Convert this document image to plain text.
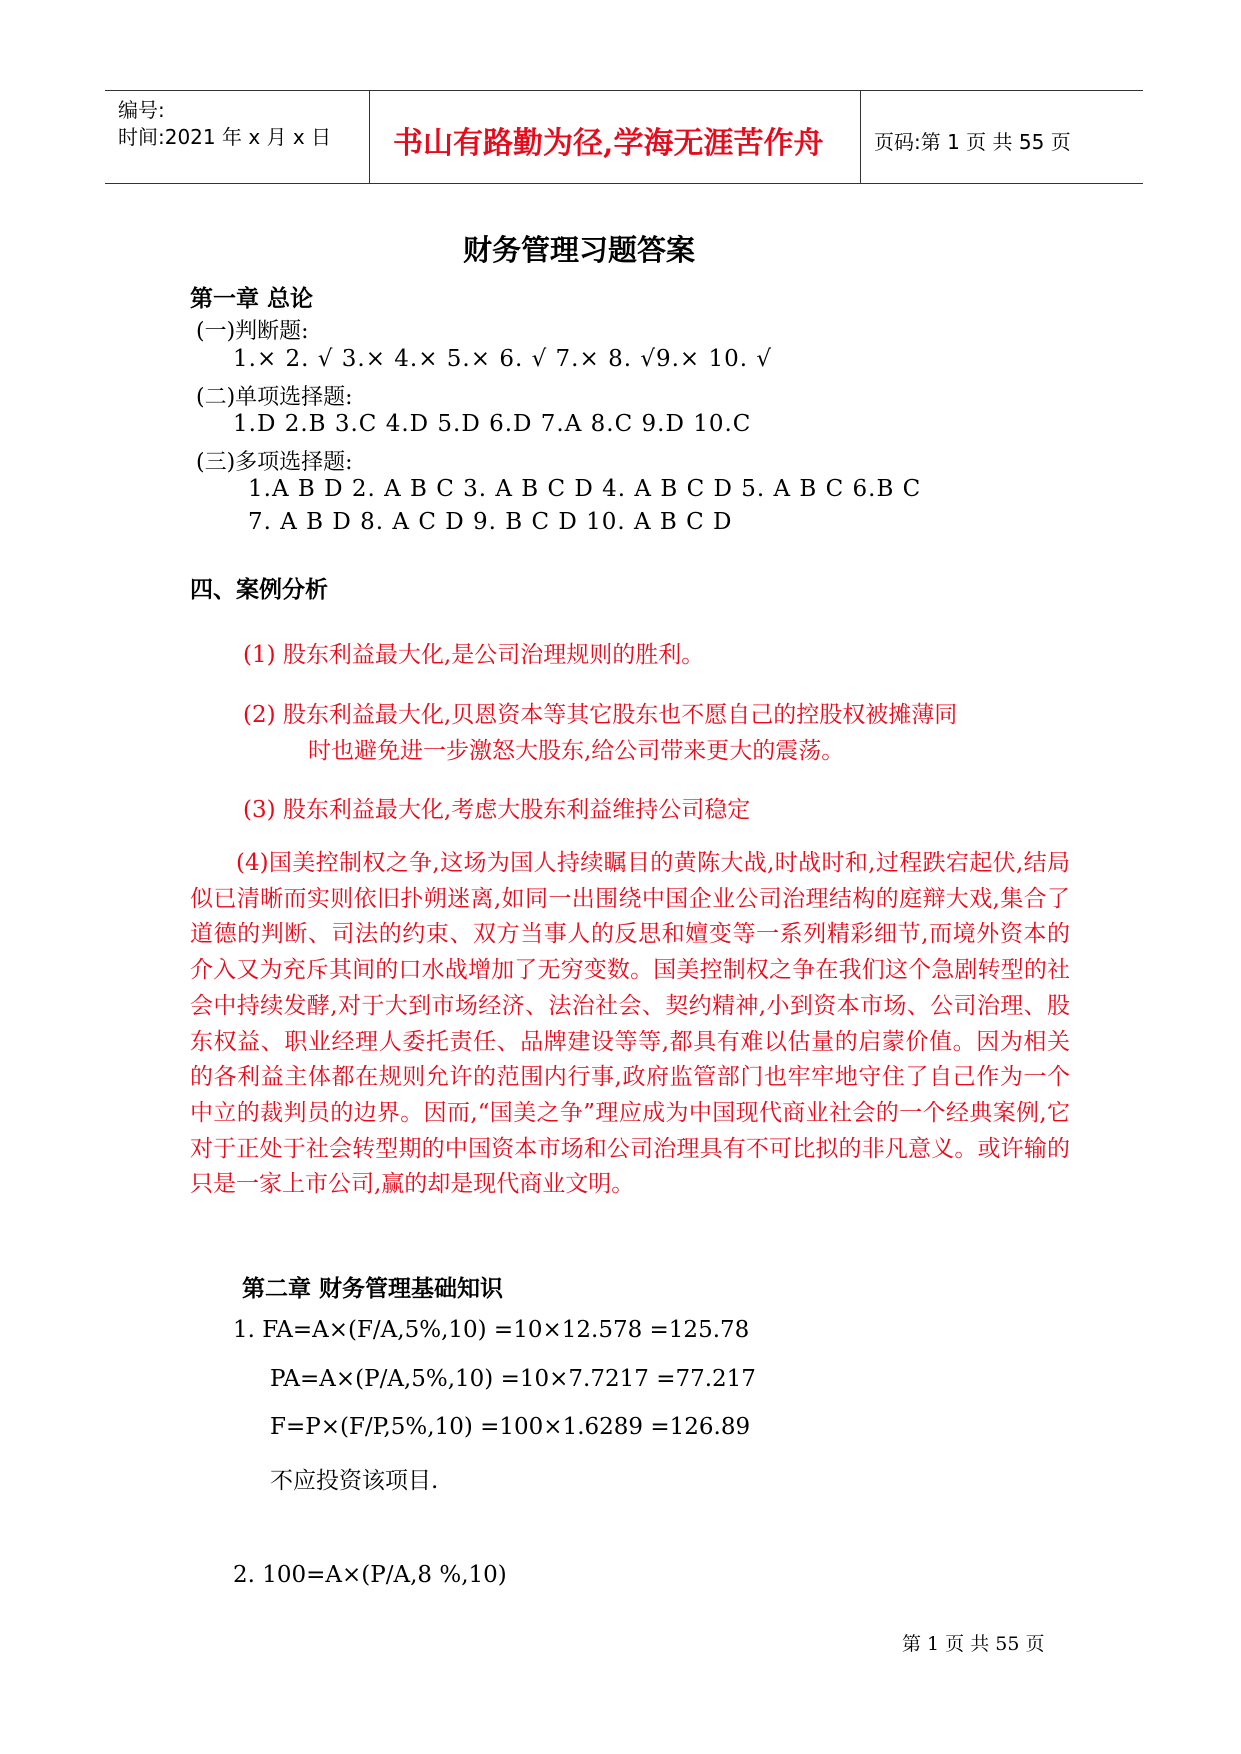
编号:
时间:2021 年 x 月 x 日 书山有路勤为径,学海无涯苦作舟	页码:第 1 页 共 55 页
财务管理习题答案
第一章 总论
(一)判断题:
1.× 2. √ 3.× 4.× 5.× 6. √ 7.× 8. √9.× 10. √
(二)单项选择题:
1.D 2.B 3.C 4.D 5.D 6.D 7.A 8.C 9.D 10.C
(三)多项选择题:
1.A B D 2. A B C 3. A B C D 4. A B C D 5. A B C 6.B C
7. A B D 8. A C D 9. B C D 10. A B C D
四、案例分析
(1) 股东利益最大化,是公司治理规则的胜利。
(2) 股东利益最大化,贝恩资本等其它股东也不愿自己的控股权被摊薄同
时也避免进一步激怒大股东,给公司带来更大的震荡。
(3) 股东利益最大化,考虑大股东利益维持公司稳定
(4)国美控制权之争,这场为国人持续瞩目的黄陈大战,时战时和,过程跌宕起伏,结局似已清晰而实则依旧扑朔迷离,如同一出围绕中国企业公司治理结构的庭辩大戏,集合了道德的判断、司法的约束、双方当事人的反思和嬗变等一系列精彩细节,而境外资本的介入又为充斥其间的口水战增加了无穷变数。国美控制权之争在我们这个急剧转型的社会中持续发酵,对于大到市场经济、法治社会、契约精神,小到资本市场、公司治理、股东权益、职业经理人委托责任、品牌建设等等,都具有难以估量的启蒙价值。因为相关的各利益主体都在规则允许的范围内行事,政府监管部门也牢牢地守住了自己作为一个中立的裁判员的边界。因而,“国美之争”理应成为中国现代商业社会的一个经典案例,它对于正处于社会转型期的中国资本市场和公司治理具有不可比拟的非凡意义。或许输的只是一家上市公司,赢的却是现代商业文明。
第二章 财务管理基础知识
1. FA=A×(F/A,5%,10) =10×12.578 =125.78
PA=A×(P/A,5%,10) =10×7.7217 =77.217
F=P×(F/P,5%,10) =100×1.6289 =126.89
不应投资该项目.
2. 100=A×(P/A,8 %,10)
第 1 页 共 55 页
